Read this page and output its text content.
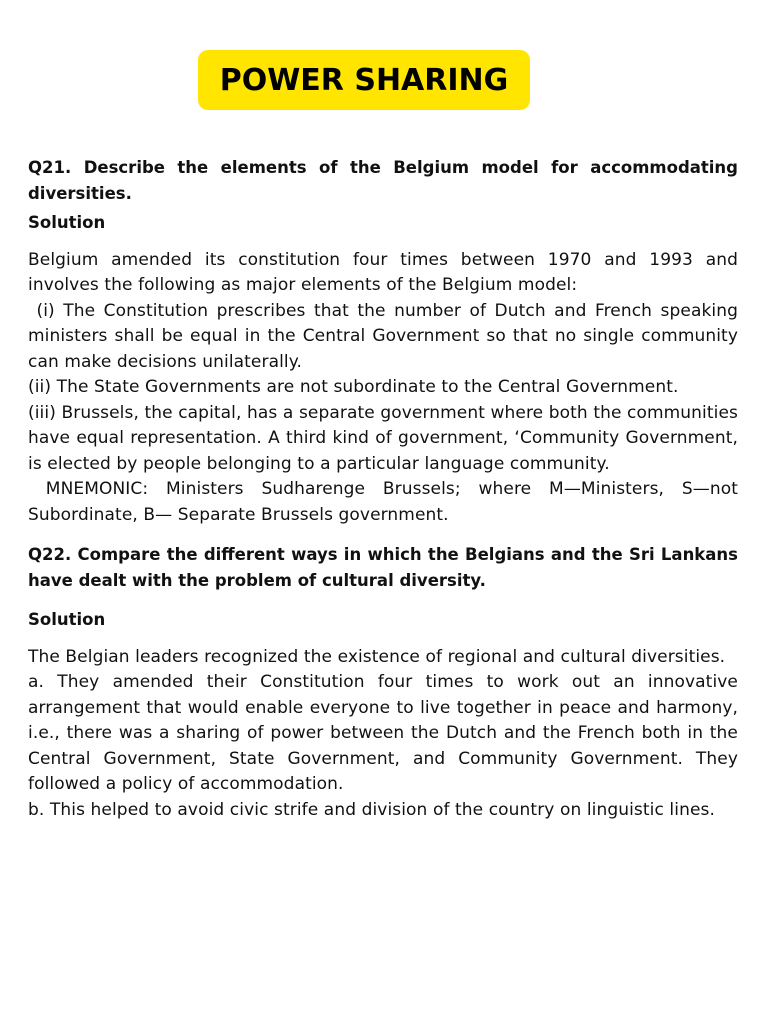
POWER SHARING

Q21. Describe the elements of the Belgium model for accommodating diversities.

Solution

Belgium amended its constitution four times between 1970 and 1993 and involves the following as major elements of the Belgium model:

(i) The Constitution prescribes that the number of Dutch and French speaking ministers shall be equal in the Central Government so that no single community can make decisions unilaterally.

(ii) The State Governments are not subordinate to the Central Government.

(iii) Brussels, the capital, has a separate government where both the communities have equal representation. A third kind of government, ‘Community Government, is elected by people belonging to a particular language community.

MNEMONIC: Ministers Sudharenge Brussels; where M—Ministers, S—not Subordinate, B— Separate Brussels government.

Q22. Compare the different ways in which the Belgians and the Sri Lankans have dealt with the problem of cultural diversity.

Solution

The Belgian leaders recognized the existence of regional and cultural diversities.

a. They amended their Constitution four times to work out an innovative arrangement that would enable everyone to live together in peace and harmony, i.e., there was a sharing of power between the Dutch and the French both in the Central Government, State Government, and Community Government. They followed a policy of accommodation.

b. This helped to avoid civic strife and division of the country on linguistic lines.
